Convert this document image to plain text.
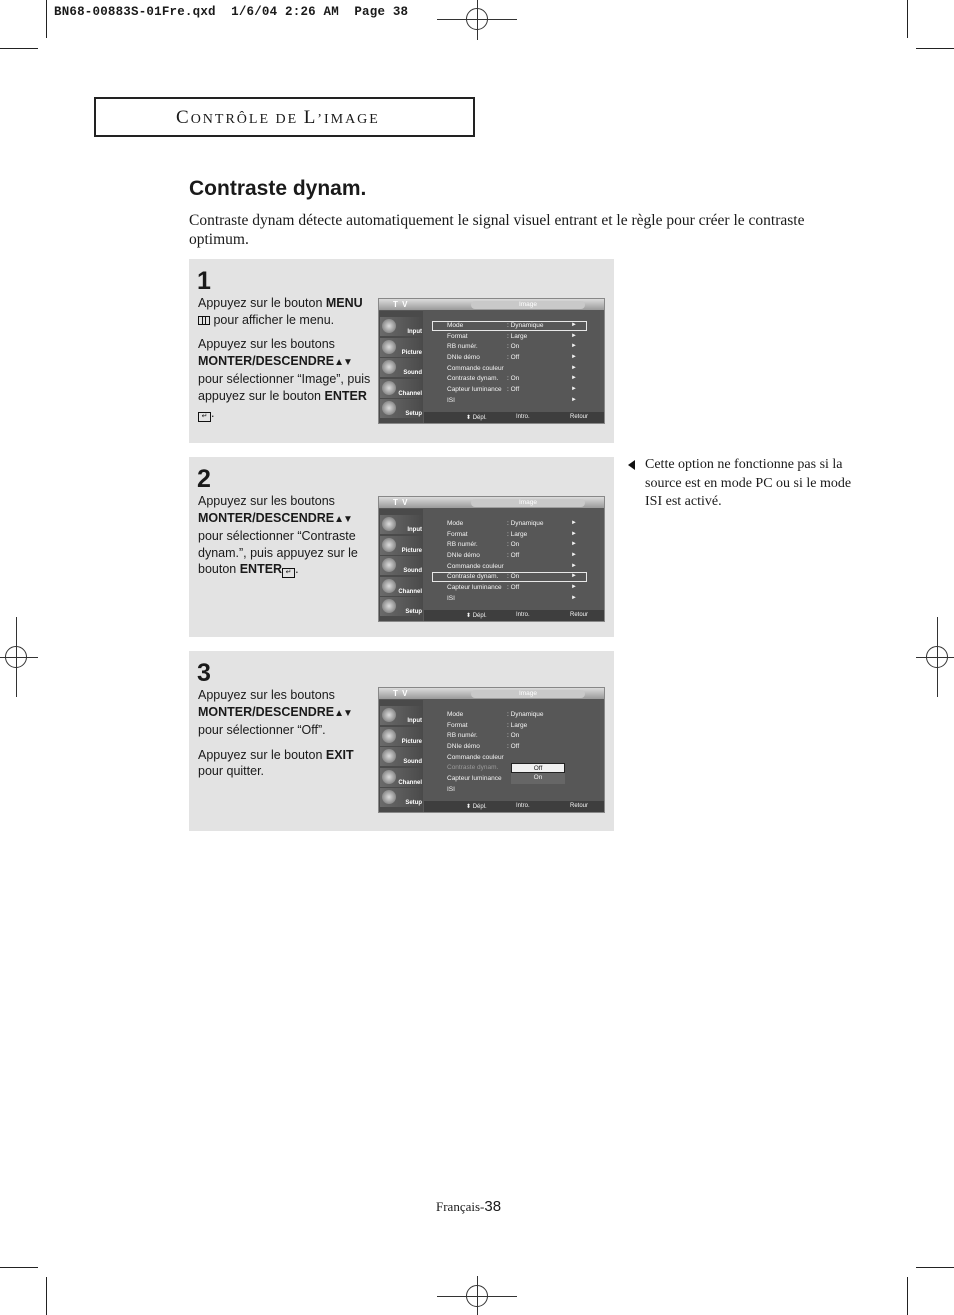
BN68-00883S-01Fre.qxd  1/6/04 2:26 AM  Page 38
CONTRÔLE DE L’IMAGE
Contraste dynam.
Contraste dynam détecte automatiquement le signal visuel entrant et le règle pour créer le contraste optimum.
1

Appuyez sur le bouton MENU  pour afficher le menu.

Appuyez sur les boutons MONTER/DESCENDRE▲▼ pour sélectionner “Image”, puis appuyez sur le bouton ENTER↵ .

T V	Image
Input
Picture
Sound
Channel
Setup
Mode	: Dynamique	►
Format	: Large	►
RB numér.	: On	►
DNIe démo	: Off	►
Commande couleur	►
Contraste dynam. : On	►
Capteur luminance : Off	►
ISI	►
⬍ Dépl.	Intro.	Retour
2

Appuyez sur les boutons MONTER/DESCENDRE▲▼ pour sélectionner “Contraste dynam.”, puis appuyez sur le bouton ENTER ↵ .

T V	Image
Input
Picture
Sound
Channel
Setup
Mode	: Dynamique	►
Format	: Large	►
RB numér.	: On	►
DNIe démo	: Off	►
Commande couleur	►
Contraste dynam. : On	►
Capteur luminance : Off	►
ISI	►
⬍ Dépl.	Intro.	Retour
3

Appuyez sur les boutons MONTER/DESCENDRE▲▼ pour sélectionner “Off”.

Appuyez sur le bouton EXIT pour quitter.

T V	Image
Input
Picture
Sound
Channel
Setup
Mode	: Dynamique
Format	: Large
RB numér.	: On
DNIe démo	: Off
Commande couleur
Contraste dynam.
Capteur luminance
ISI
Off
On
⬍ Dépl.	Intro.	Retour
Cette option ne fonctionne pas si la source est en mode PC ou si le mode ISI est activé.
Français-38
